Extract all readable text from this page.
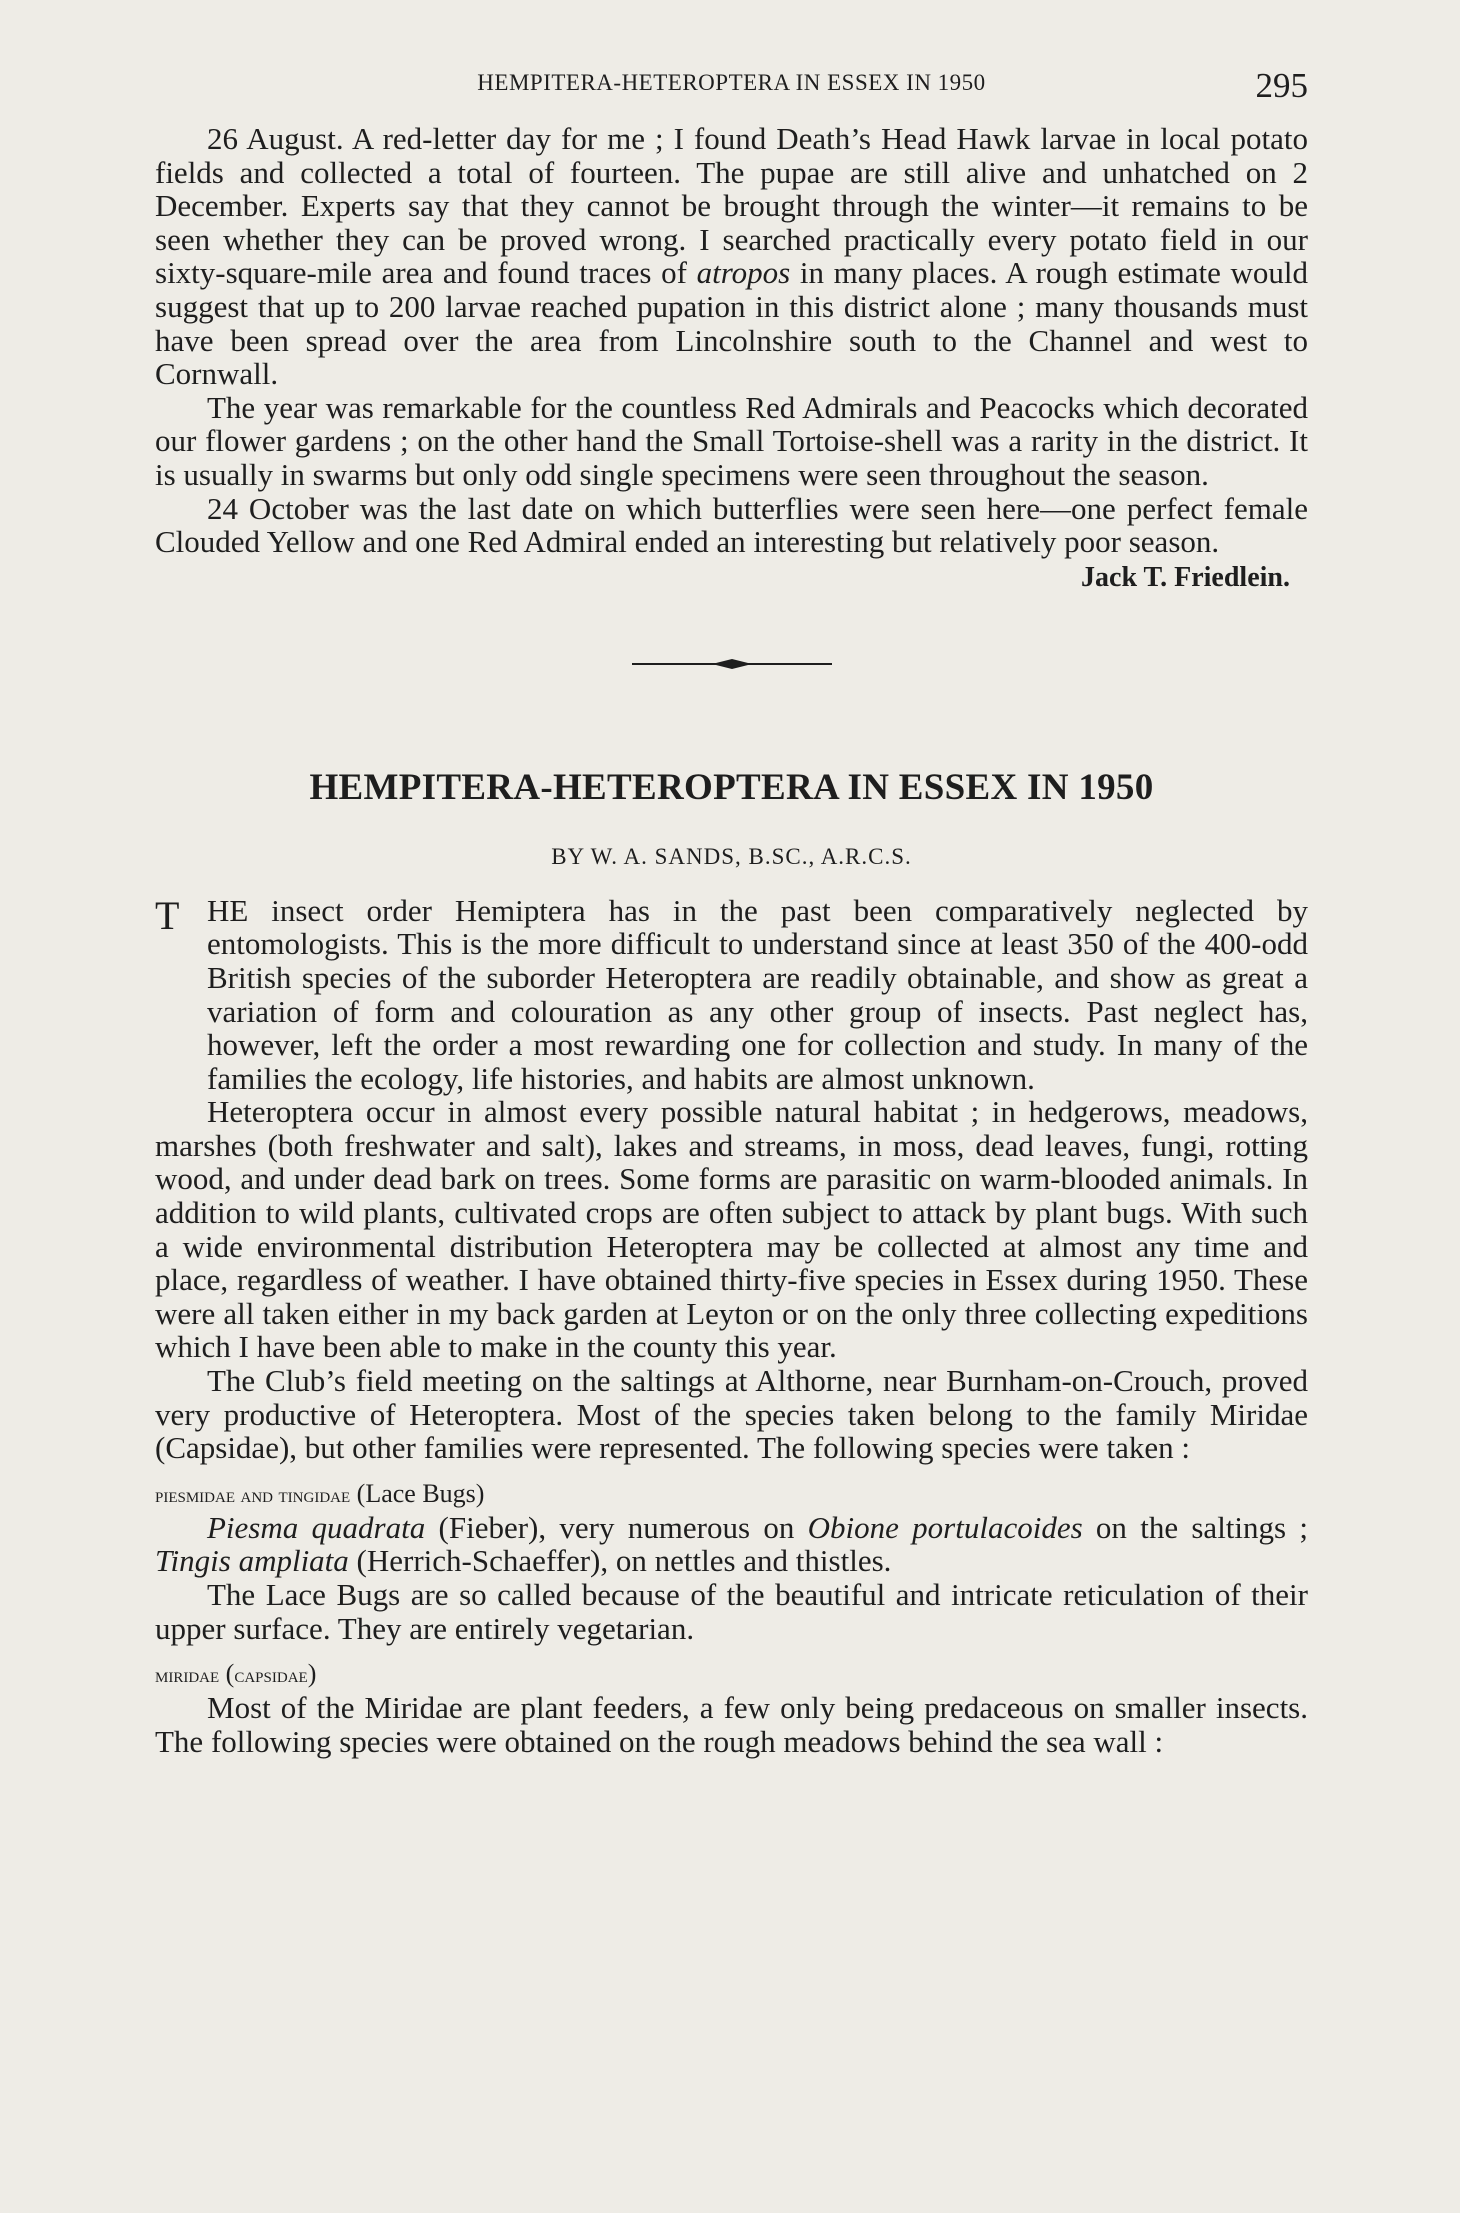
HEMPITERA-HETEROPTERA IN ESSEX IN 1950	295

26 August. A red-letter day for me ; I found Death’s Head Hawk larvae in local potato fields and collected a total of fourteen. The pupae are still alive and unhatched on 2 December. Experts say that they cannot be brought through the winter—it remains to be seen whether they can be proved wrong. I searched practically every potato field in our sixty-square-mile area and found traces of atropos in many places. A rough estimate would suggest that up to 200 larvae reached pupation in this district alone ; many thousands must have been spread over the area from Lincolnshire south to the Channel and west to Cornwall.

The year was remarkable for the countless Red Admirals and Peacocks which decorated our flower gardens ; on the other hand the Small Tortoise-shell was a rarity in the district. It is usually in swarms but only odd single specimens were seen throughout the season.

24 October was the last date on which butterflies were seen here—one perfect female Clouded Yellow and one Red Admiral ended an interesting but relatively poor season.

Jack T. Friedlein.
HEMPITERA-HETEROPTERA IN ESSEX IN 1950
BY W. A. SANDS, B.SC., A.R.C.S.

T HE insect order Hemiptera has in the past been comparatively neglected by entomologists. This is the more difficult to understand since at least 350 of the 400-odd British species of the suborder Heteroptera are readily obtainable, and show as great a variation of form and colouration as any other group of insects. Past neglect has, however, left the order a most rewarding one for collection and study. In many of the families the ecology, life histories, and habits are almost unknown.

Heteroptera occur in almost every possible natural habitat ; in hedgerows, meadows, marshes (both freshwater and salt), lakes and streams, in moss, dead leaves, fungi, rotting wood, and under dead bark on trees. Some forms are parasitic on warm-blooded animals. In addition to wild plants, cultivated crops are often subject to attack by plant bugs. With such a wide environmental distribution Heteroptera may be collected at almost any time and place, regardless of weather. I have obtained thirty-five species in Essex during 1950. These were all taken either in my back garden at Leyton or on the only three collecting expeditions which I have been able to make in the county this year.

The Club’s field meeting on the saltings at Althorne, near Burnham-on-Crouch, proved very productive of Heteroptera. Most of the species taken belong to the family Miridae (Capsidae), but other families were represented. The following species were taken :

piesmidae and tingidae (Lace Bugs)

Piesma quadrata (Fieber), very numerous on Obione portulacoides on the saltings ; Tingis ampliata (Herrich-Schaeffer), on nettles and thistles.

The Lace Bugs are so called because of the beautiful and intricate reticulation of their upper surface. They are entirely vegetarian.

miridae (capsidae)

Most of the Miridae are plant feeders, a few only being predaceous on smaller insects. The following species were obtained on the rough meadows behind the sea wall :
